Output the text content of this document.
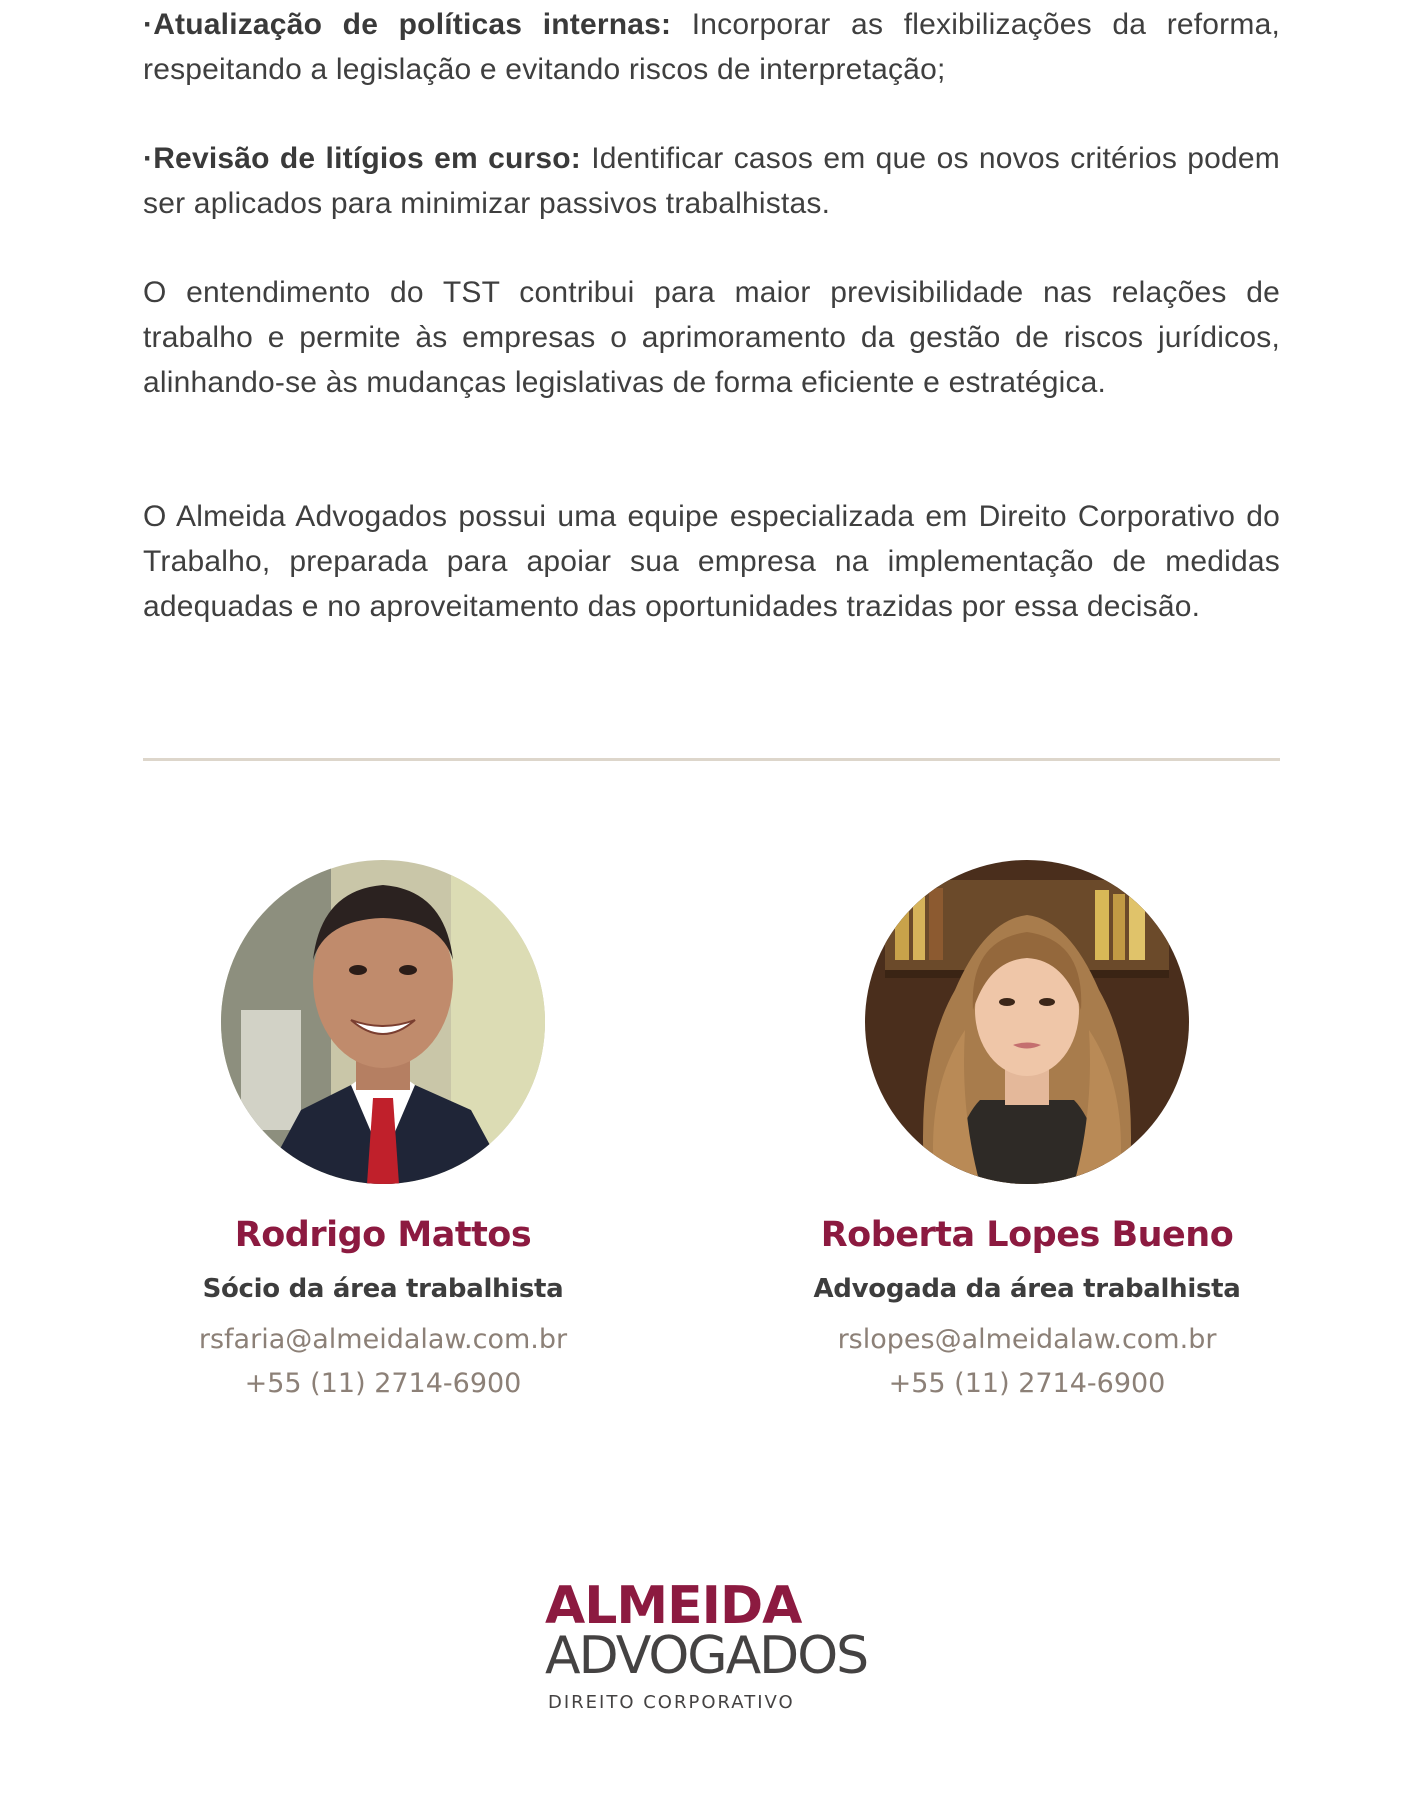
·Atualização de políticas internas: Incorporar as flexibilizações da reforma, respeitando a legislação e evitando riscos de interpretação;

·Revisão de litígios em curso: Identificar casos em que os novos critérios podem ser aplicados para minimizar passivos trabalhistas.

O entendimento do TST contribui para maior previsibilidade nas relações de trabalho e permite às empresas o aprimoramento da gestão de riscos jurídicos, alinhando-se às mudanças legislativas de forma eficiente e estratégica.

O Almeida Advogados possui uma equipe especializada em Direito Corporativo do Trabalho, preparada para apoiar sua empresa na implementação de medidas adequadas e no aproveitamento das oportunidades trazidas por essa decisão.

Rodrigo Mattos
Sócio da área trabalhista
rsfaria@almeidalaw.com.br
+55 (11) 2714-6900
Roberta Lopes Bueno
Advogada da área trabalhista
rslopes@almeidalaw.com.br
+55 (11) 2714-6900
ALMEIDA
ADVOGADOS
DIREITO CORPORATIVO
